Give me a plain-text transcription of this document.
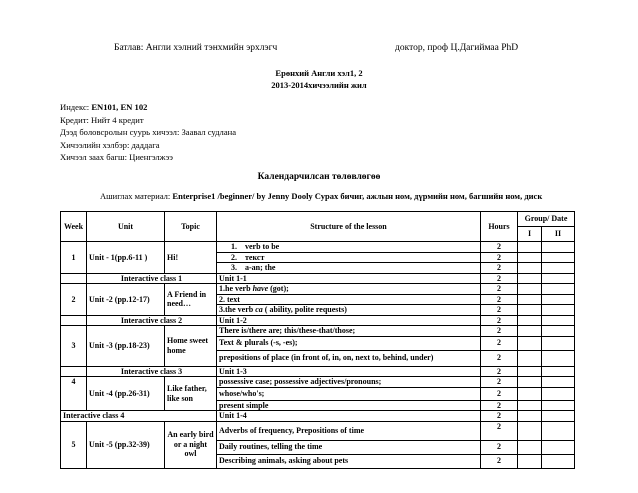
Батлав: Англи хэлний тэнхмийн эрхлэгч	доктор, проф Ц.Дагиймаа PhD
Ерөнхий Англи хэл1, 2
2013-2014хичээлийн жил
Индекс: EN101, EN 102
Кредит: Нийт 4 кредит
Дээд боловсролын суурь хичээл: Заавал судлана
Хичээлийн хэлбэр: даддага
Хичээл заах багш: Циенгэлжээ
Календарчилсан төлөвлөгөө
Ашиглах материал: Enterprise1 /beginner/ by Jenny Dooly Сурах бичиг, ажлын ном, дүрмийн ном, багшийн ном, диск
Week	Unit	Topic	Structure of the lesson	Hours	Group/ Date	
					I	II
1	Unit - 1(pp.6-11 )	Hi!	1. verb to be	2		
			2. текст	2		
			3. a-an; the	2		
	Interactive class 1		Unit 1-1	2		
2	Unit -2 (pp.12-17)	A Friend in need…	1.he verb have (got);	2		
			2. text	2		
			3.the verb ca ( ability, polite requests)	2		
	Interactive class 2		Unit 1-2	2		
3	Unit -3 (pp.18-23)	Home sweet home	There is/there are; this/these-that/those;	2		
			Text & plurals (-s, -es);	2		
			prepositions of place (in front of, in, on, next to, behind, under)	2		
	Interactive class 3		Unit 1-3	2		
4	Unit -4 (pp.26-31)	Like father, like son	possessive case; possessive adjectives/pronouns;	2		
			whose/who's;	2		
			present simple	2		
Interactive class 4			Unit 1-4	2		
5	Unit -5 (pp.32-39)	An early bird or a night owl	Adverbs of frequency, Prepositions of time	2		
			Daily routines, telling the time	2		
			Describing animals, asking about pets	2		
